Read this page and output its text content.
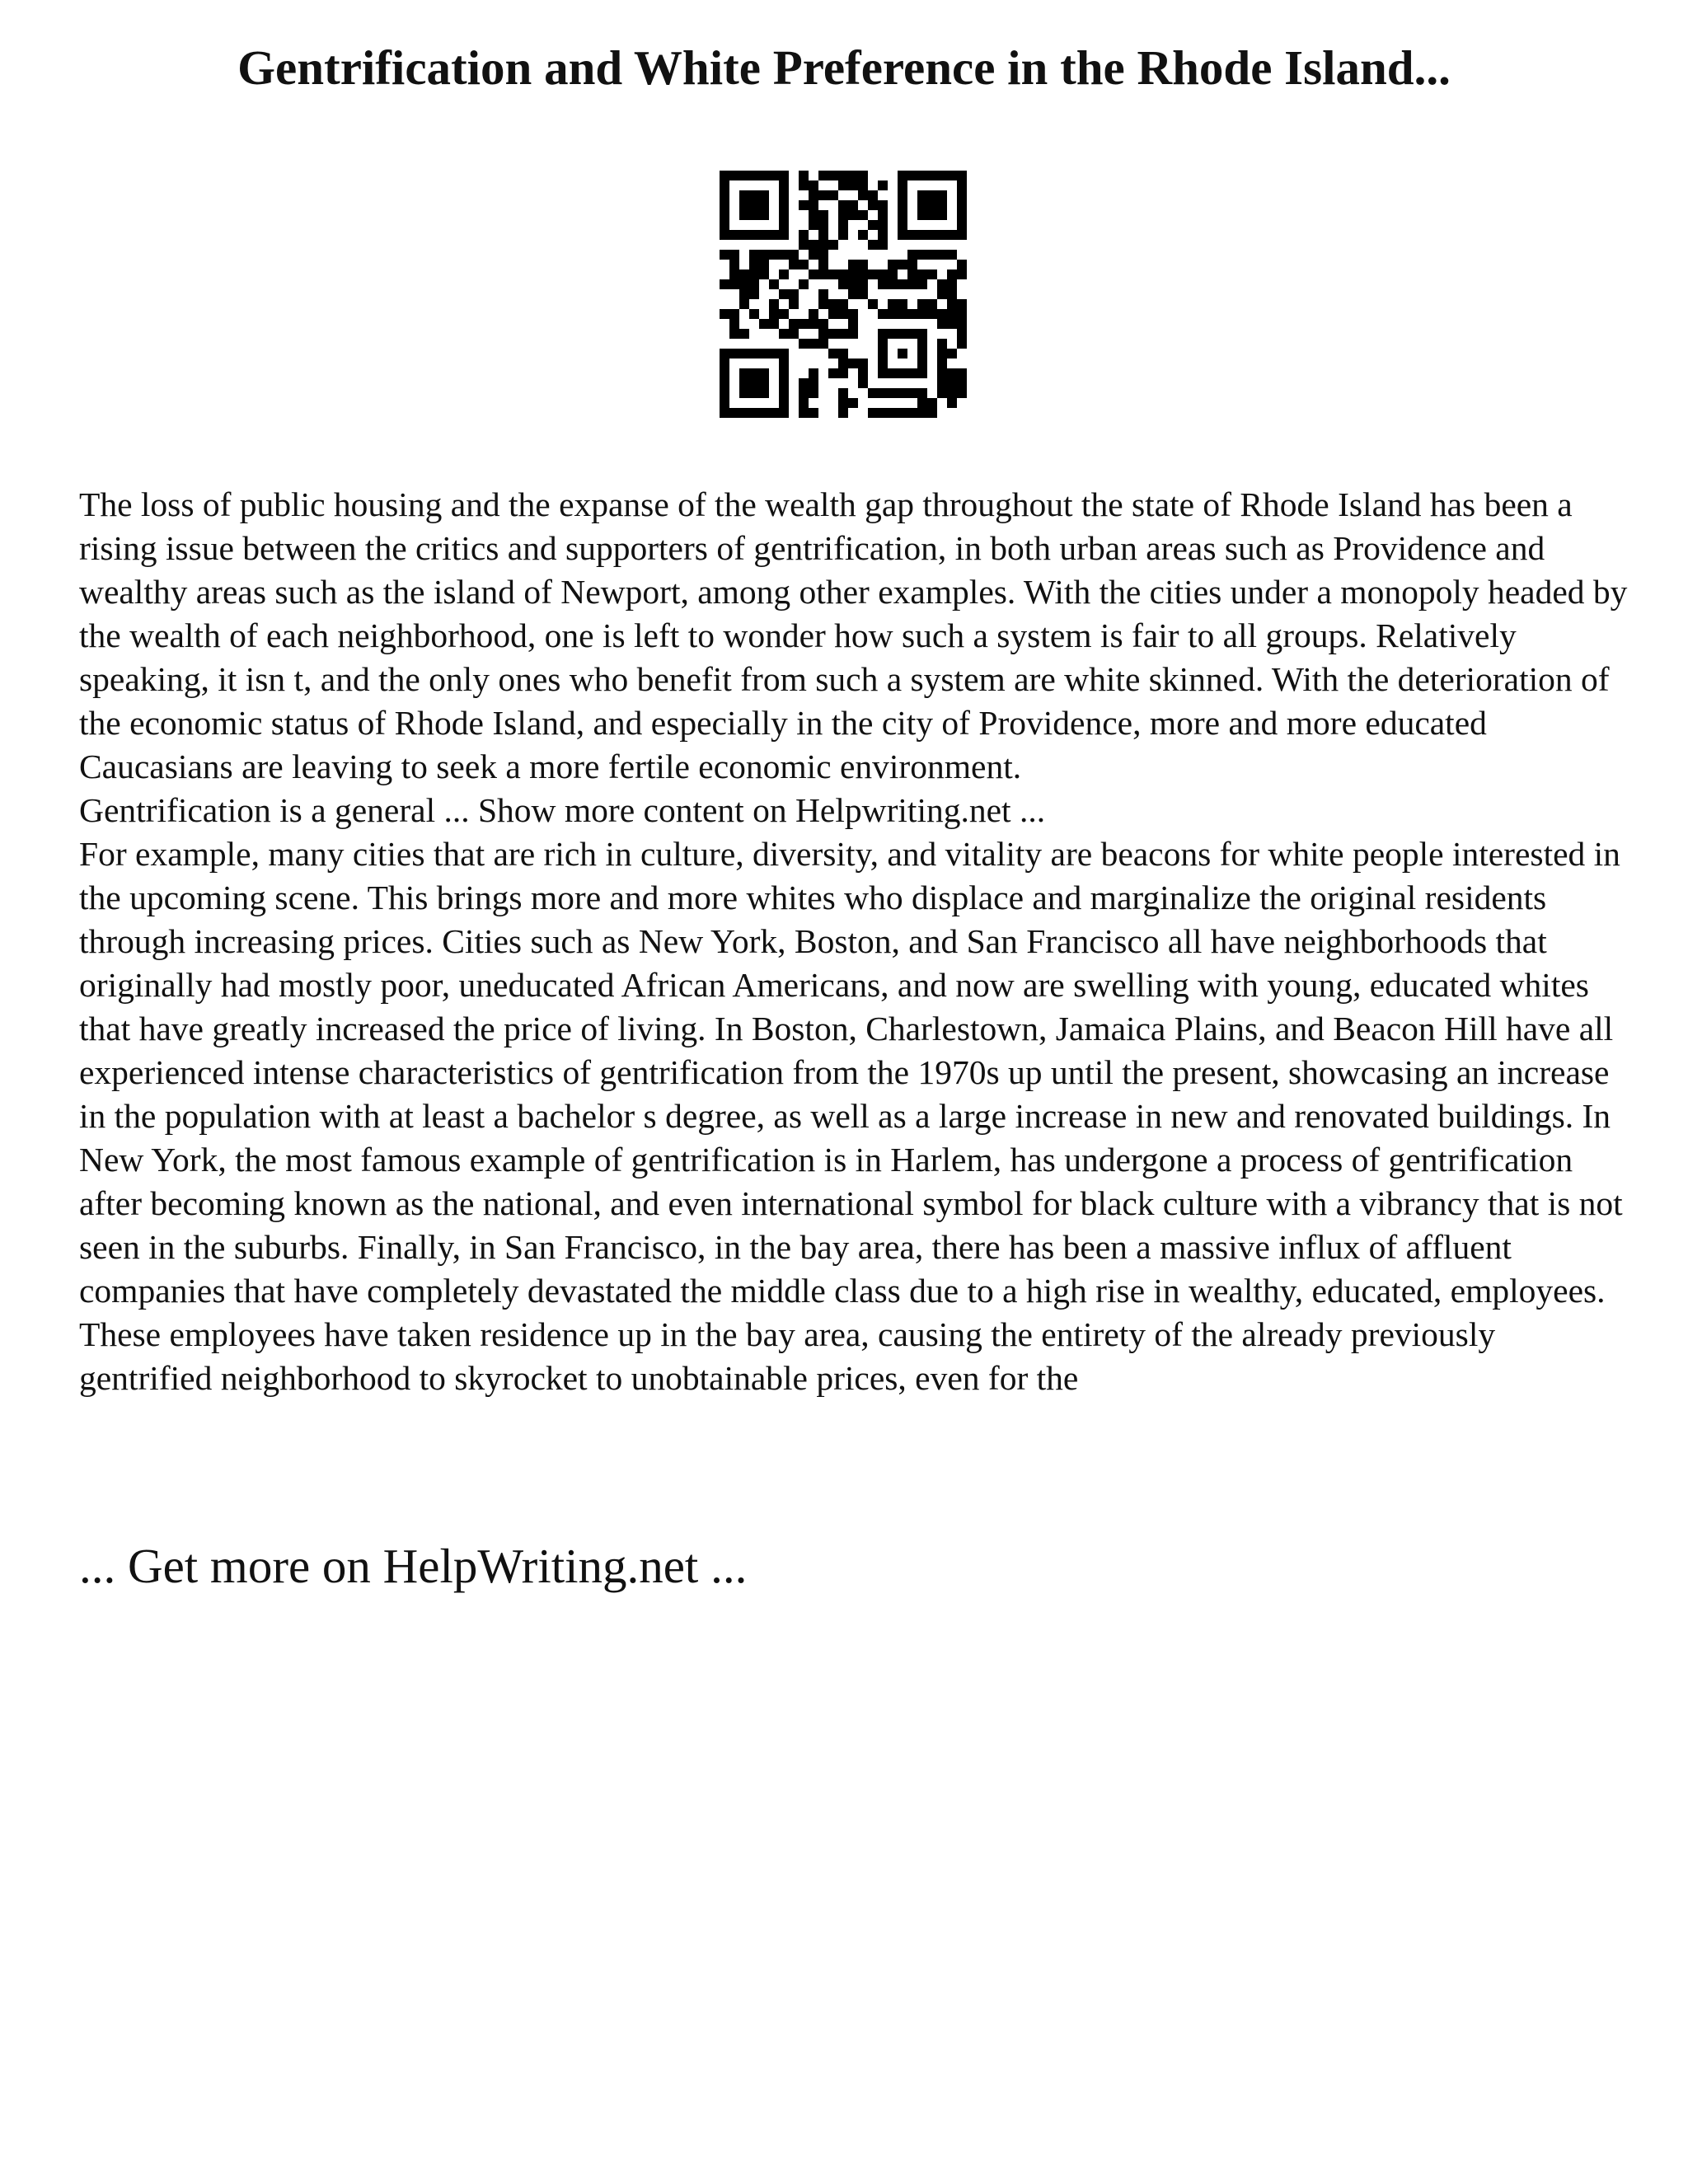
Gentrification and White Preference in the Rhode Island...

The loss of public housing and the expanse of the wealth gap throughout the state of Rhode Island has been a rising issue between the critics and supporters of gentrification, in both urban areas such as Providence and wealthy areas such as the island of Newport, among other examples. With the cities under a monopoly headed by the wealth of each neighborhood, one is left to wonder how such a system is fair to all groups. Relatively speaking, it isn t, and the only ones who benefit from such a system are white skinned. With the deterioration of the economic status of Rhode Island, and especially in the city of Providence, more and more educated Caucasians are leaving to seek a more fertile economic environment.

Gentrification is a general ... Show more content on Helpwriting.net ...

For example, many cities that are rich in culture, diversity, and vitality are beacons for white people interested in the upcoming scene. This brings more and more whites who displace and marginalize the original residents through increasing prices. Cities such as New York, Boston, and San Francisco all have neighborhoods that originally had mostly poor, uneducated African Americans, and now are swelling with young, educated whites that have greatly increased the price of living. In Boston, Charlestown, Jamaica Plains, and Beacon Hill have all experienced intense characteristics of gentrification from the 1970s up until the present, showcasing an increase in the population with at least a bachelor s degree, as well as a large increase in new and renovated buildings. In New York, the most famous example of gentrification is in Harlem, has undergone a process of gentrification after becoming known as the national, and even international symbol for black culture with a vibrancy that is not seen in the suburbs. Finally, in San Francisco, in the bay area, there has been a massive influx of affluent companies that have completely devastated the middle class due to a high rise in wealthy, educated, employees. These employees have taken residence up in the bay area, causing the entirety of the already previously gentrified neighborhood to skyrocket to unobtainable prices, even for the

... Get more on HelpWriting.net ...
